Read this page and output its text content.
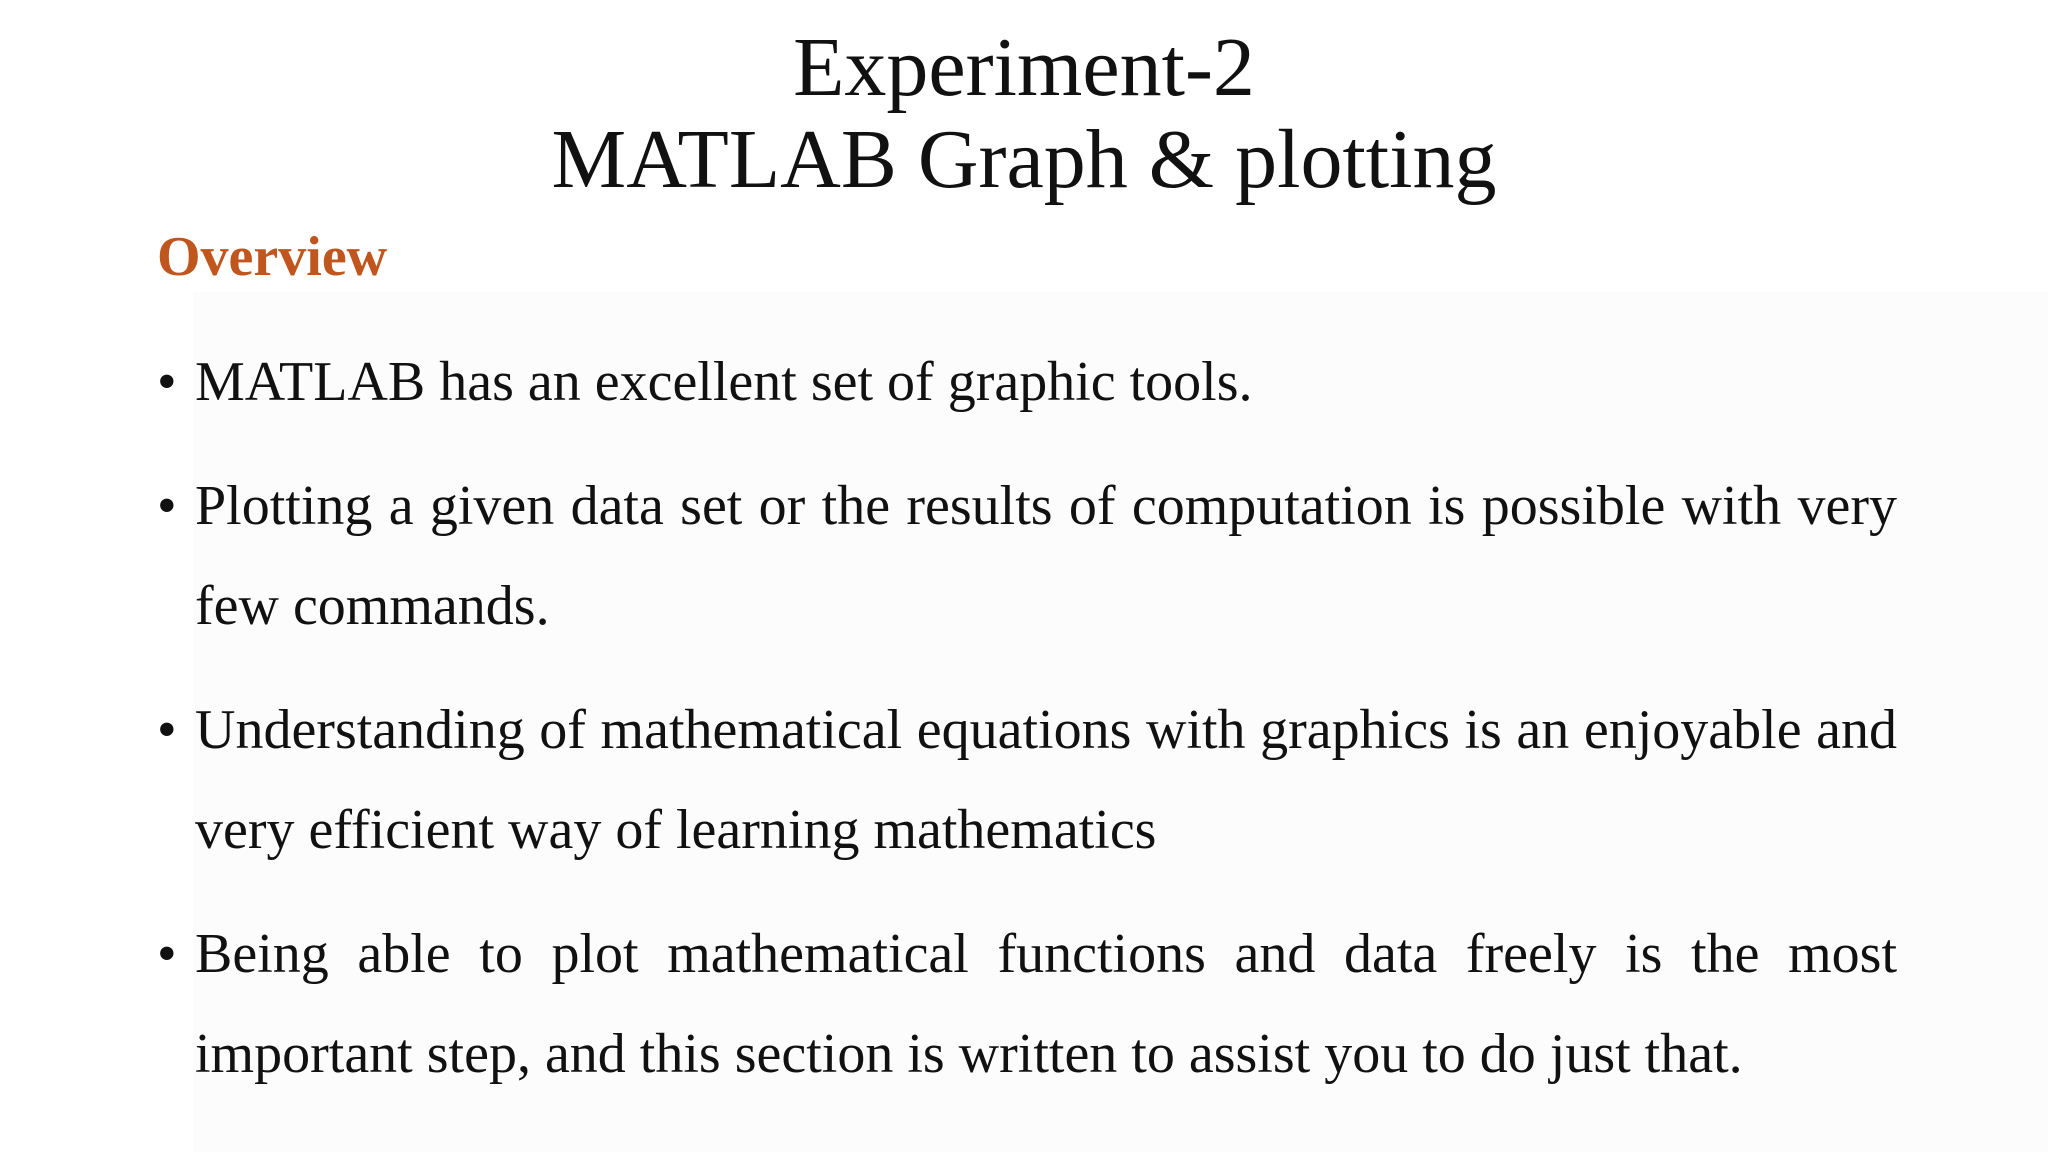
Experiment-2
MATLAB Graph & plotting
Overview
• MATLAB has an excellent set of graphic tools.
• Plotting a given data set or the results of computation is possible with very few commands.
• Understanding of mathematical equations with graphics is an enjoyable and very efficient way of learning mathematics
• Being able to plot mathematical functions and data freely is the most important step, and this section is written to assist you to do just that.
